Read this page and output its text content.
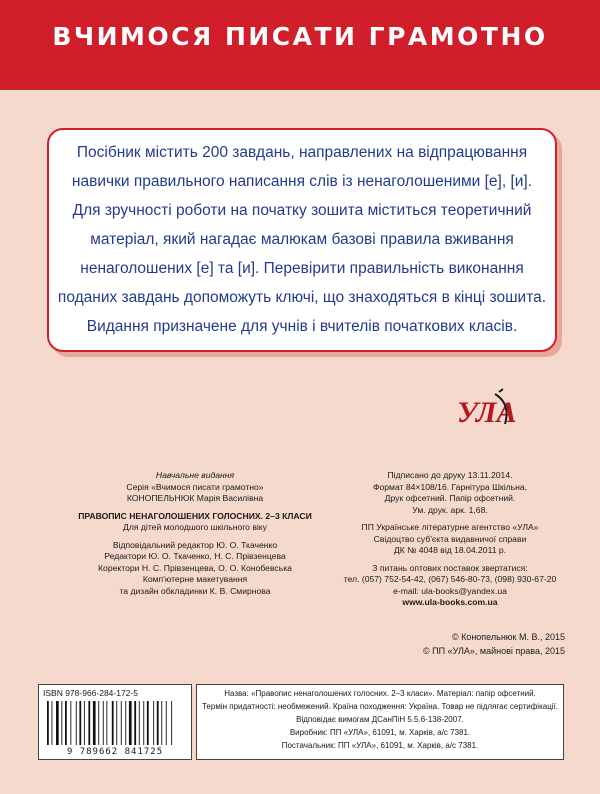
ВЧИМОСЯ ПИСАТИ ГРАМОТНО
Посібник містить 200 завдань, направлених на відпрацювання
навички правильного написання слів із ненаголошеними [е], [и].
Для зручності роботи на початку зошита міститься теоретичний
матеріал, який нагадає малюкам базові правила вживання
ненаголошених [е] та [и]. Перевірити правильність виконання
поданих завдань допоможуть ключі, що знаходяться в кінці зошита.
Видання призначене для учнів і вчителів початкових класів.
УЛА
Навчальне видання
Серія «Вчимося писати грамотно»
КОНОПЕЛЬНЮК Марія Василівна
ПРАВОПИС НЕНАГОЛОШЕНИХ ГОЛОСНИХ. 2–3 КЛАСИ
Для дітей молодшого шкільного віку
Відповідальний редактор Ю. О. Ткаченко
Редактори Ю. О. Ткаченко, Н. С. Прівзенцева
Коректори Н. С. Прівзенцева, О. О. Конобевська
Комп'ютерне макетування
та дизайн обкладинки К. В. Смирнова
Підписано до друку 13.11.2014.
Формат 84×108/16. Гарнітура Шкільна.
Друк офсетний. Папір офсетний.
Ум. друк. арк. 1,68.
ПП Українське літературне агентство «УЛА»
Свідоцтво суб'єкта видавничої справи
ДК № 4048 від 18.04.2011 р.
З питань оптових поставок звертатися:
тел. (057) 752-54-42, (067) 546-80-73, (098) 930-67-20
e-mail: ula-books@yandex.ua
www.ula-books.com.ua
© Конопельнюк М. В., 2015
© ПП «УЛА», майнові права, 2015
ISBN 978-966-284-172-5
9 789662 841725
Назва: «Правопис ненаголошених голосних. 2–3 класи». Матеріал: папір офсетний.
Термін придатності: необмежений. Країна походження: Україна. Товар не підлягає сертифікації.
Відповідає вимогам ДСанПіН 5.5.6-138-2007.
Виробник: ПП «УЛА», 61091, м. Харків, а/с 7381.
Постачальник: ПП «УЛА», 61091, м. Харків, а/с 7381.
